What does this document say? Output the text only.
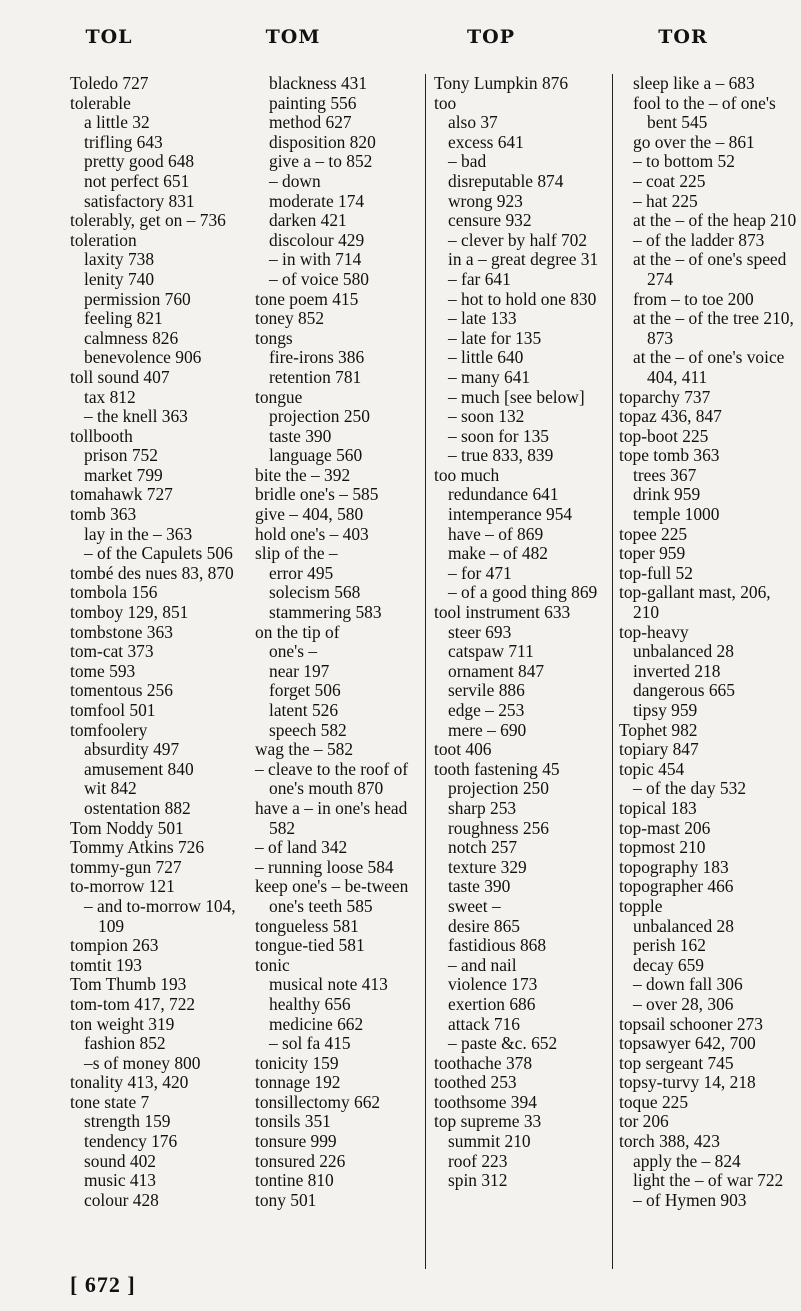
TOL	TOM	TOP	TOR

Toledo 727

tolerable

a little 32

trifling 643

pretty good 648

not perfect 651

satisfactory 831

tolerably, get on – 736

toleration

laxity 738

lenity 740

permission 760

feeling 821

calmness 826

benevolence 906

toll sound 407

tax 812

– the knell 363

tollbooth

prison 752

market 799

tomahawk 727

tomb 363

lay in the – 363

– of the Capulets 506

tombé des nues 83, 870

tombola 156

tomboy 129, 851

tombstone 363

tom-cat 373

tome 593

tomentous 256

tomfool 501

tomfoolery

absurdity 497

amusement 840

wit 842

ostentation 882

Tom Noddy 501

Tommy Atkins 726

tommy-gun 727

to-morrow 121

– and to-morrow 104, 109

tompion 263

tomtit 193

Tom Thumb 193

tom-tom 417, 722

ton weight 319

fashion 852

–s of money 800

tonality 413, 420

tone state 7

strength 159

tendency 176

sound 402

music 413

colour 428

blackness 431

painting 556

method 627

disposition 820

give a – to 852

– down

moderate 174

darken 421

discolour 429

– in with 714

– of voice 580

tone poem 415

toney 852

tongs

fire-irons 386

retention 781

tongue

projection 250

taste 390

language 560

bite the – 392

bridle one's – 585

give – 404, 580

hold one's – 403

slip of the –

error 495

solecism 568

stammering 583

on the tip of

one's –

near 197

forget 506

latent 526

speech 582

wag the – 582

– cleave to the roof of one's mouth 870

have a – in one's head 582

– of land 342

– running loose 584

keep one's – be-tween one's teeth 585

tongueless 581

tongue-tied 581

tonic

musical note 413

healthy 656

medicine 662

– sol fa 415

tonicity 159

tonnage 192

tonsillectomy 662

tonsils 351

tonsure 999

tonsured 226

tontine 810

tony 501

Tony Lumpkin 876

too

also 37

excess 641

– bad

disreputable 874

wrong 923

censure 932

– clever by half 702

in a – great degree 31

– far 641

– hot to hold one 830

– late 133

– late for 135

– little 640

– many 641

– much [see below]

– soon 132

– soon for 135

– true 833, 839

too much

redundance 641

intemperance 954

have – of 869

make – of 482

– for 471

– of a good thing 869

tool instrument 633

steer 693

catspaw 711

ornament 847

servile 886

edge – 253

mere – 690

toot 406

tooth fastening 45

projection 250

sharp 253

roughness 256

notch 257

texture 329

taste 390

sweet –

desire 865

fastidious 868

– and nail

violence 173

exertion 686

attack 716

– paste &c. 652

toothache 378

toothed 253

toothsome 394

top supreme 33

summit 210

roof 223

spin 312

sleep like a – 683

fool to the – of one's bent 545

go over the – 861

– to bottom 52

– coat 225

– hat 225

at the – of the heap 210

– of the ladder 873

at the – of one's speed 274

from – to toe 200

at the – of the tree 210, 873

at the – of one's voice 404, 411

toparchy 737

topaz 436, 847

top-boot 225

tope tomb 363

trees 367

drink 959

temple 1000

topee 225

toper 959

top-full 52

top-gallant mast, 206, 210

top-heavy

unbalanced 28

inverted 218

dangerous 665

tipsy 959

Tophet 982

topiary 847

topic 454

– of the day 532

topical 183

top-mast 206

topmost 210

topography 183

topographer 466

topple

unbalanced 28

perish 162

decay 659

– down fall 306

– over 28, 306

topsail schooner 273

topsawyer 642, 700

top sergeant 745

topsy-turvy 14, 218

toque 225

tor 206

torch 388, 423

apply the – 824

light the – of war 722

– of Hymen 903

[ 672 ]
